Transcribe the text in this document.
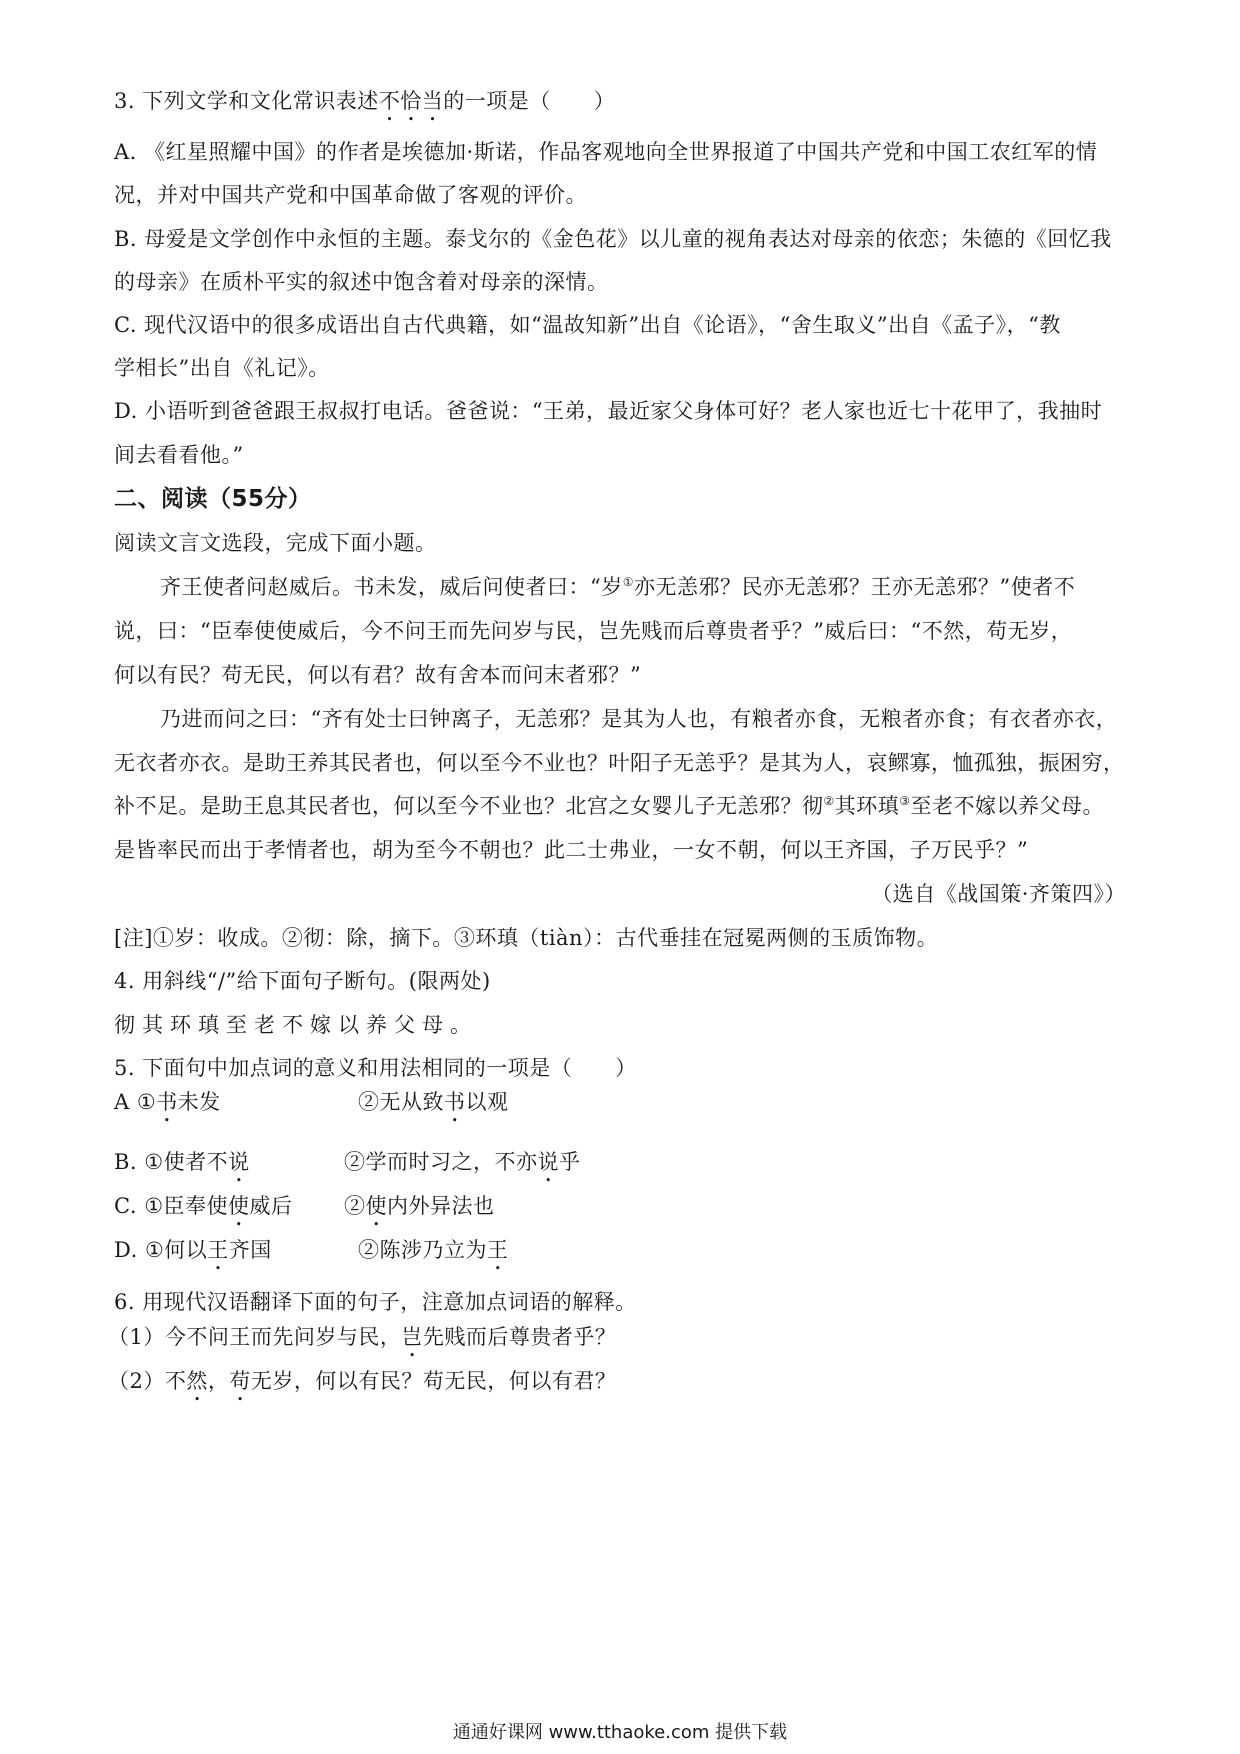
3. 下列文学和文化常识表述不恰当的一项是（　　）
A. 《红星照耀中国》的作者是埃德加·斯诺，作品客观地向全世界报道了中国共产党和中国工农红军的情
况，并对中国共产党和中国革命做了客观的评价。
B. 母爱是文学创作中永恒的主题。泰戈尔的《金色花》以儿童的视角表达对母亲的依恋；朱德的《回忆我
的母亲》在质朴平实的叙述中饱含着对母亲的深情。
C. 现代汉语中的很多成语出自古代典籍，如“温故知新”出自《论语》，“舍生取义”出自《孟子》，“教
学相长”出自《礼记》。
D. 小语听到爸爸跟王叔叔打电话。爸爸说：“王弟，最近家父身体可好？老人家也近七十花甲了，我抽时
间去看看他。”
二、阅读（55分）
阅读文言文选段，完成下面小题。
齐王使者问赵威后。书未发，威后问使者曰：“岁①亦无恙邪？民亦无恙邪？王亦无恙邪？”使者不
说，曰：“臣奉使使威后，今不问王而先问岁与民，岂先贱而后尊贵者乎？”威后曰：“不然，苟无岁，
何以有民？苟无民，何以有君？故有舍本而问末者邪？”
乃进而问之曰：“齐有处士曰钟离子，无恙邪？是其为人也，有粮者亦食，无粮者亦食；有衣者亦衣，
无衣者亦衣。是助王养其民者也，何以至今不业也？叶阳子无恙乎？是其为人，哀鳏寡，恤孤独，振困穷，
补不足。是助王息其民者也，何以至今不业也？北宫之女婴儿子无恙邪？彻②其环瑱③至老不嫁以养父母。
是皆率民而出于孝情者也，胡为至今不朝也？此二士弗业，一女不朝，何以王齐国，子万民乎？”
（选自《战国策·齐策四》）
[注]①岁：收成。②彻：除，摘下。③环瑱（tiàn）：古代垂挂在冠冕两侧的玉质饰物。
4. 用斜线“/”给下面句子断句。(限两处)
彻其环瑱至老不嫁以养父母。
5. 下面句中加点词的意义和用法相同的一项是（　　）
A ①书未发	②无从致书以观
B. ①使者不说	②学而时习之，不亦说乎
C. ①臣奉使使威后 ②使内外异法也
D. ①何以王齐国	②陈涉乃立为王
6. 用现代汉语翻译下面的句子，注意加点词语的解释。
（1）今不问王而先问岁与民，岂先贱而后尊贵者乎？
（2）不然，苟无岁，何以有民？苟无民，何以有君？
通通好课网 www.tthaoke.com 提供下载
